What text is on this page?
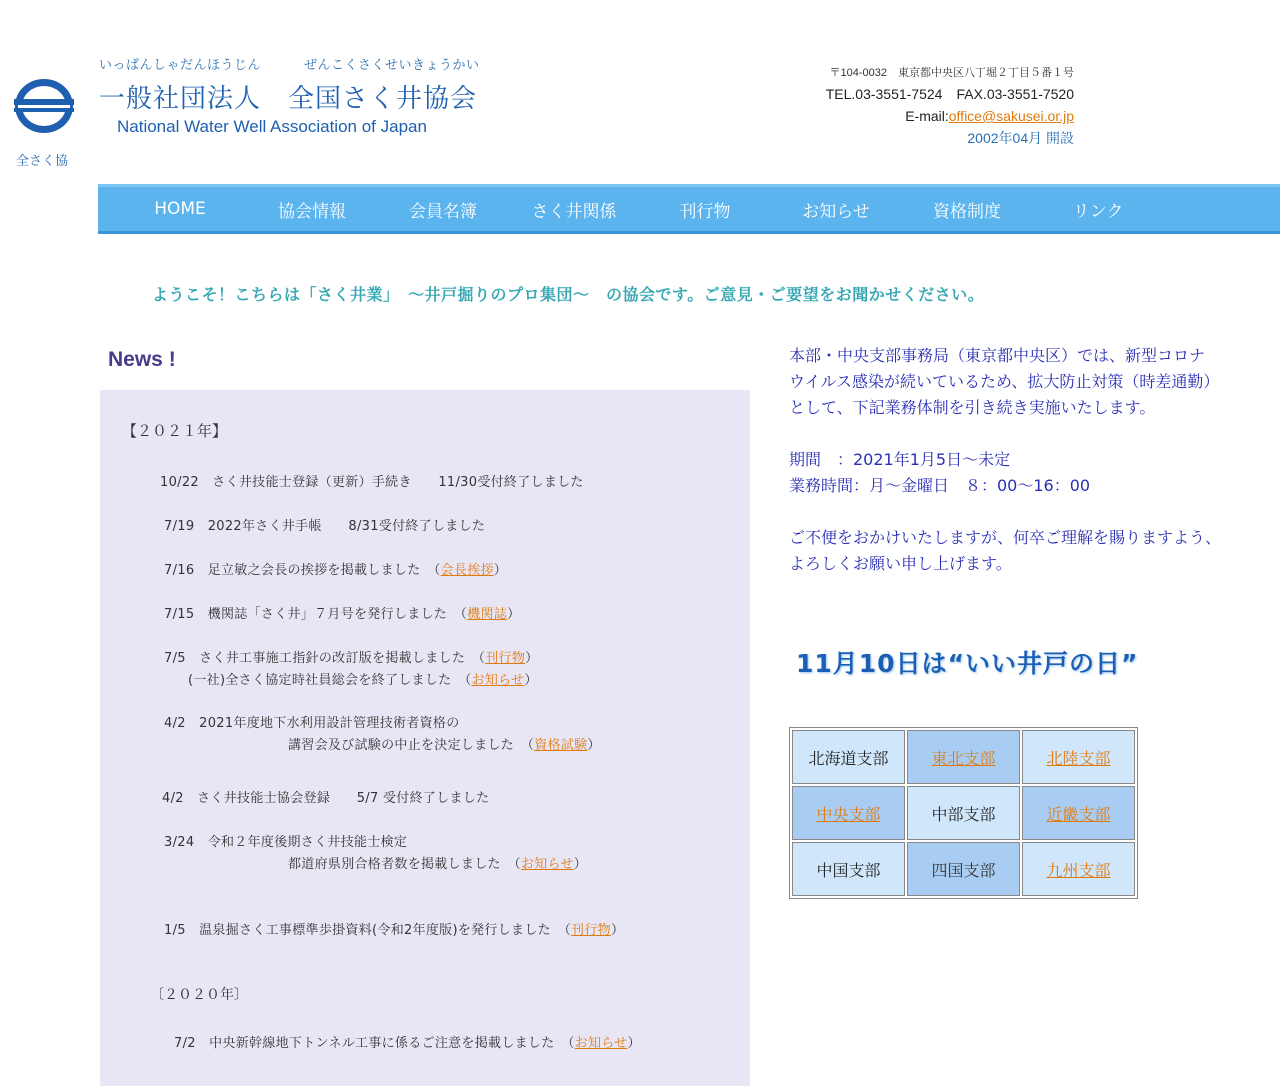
全さく協
いっぱんしゃだんほうじん	ぜんこくさくせいきょうかい
一般社団法人　全国さく井協会
National Water Well Association of Japan
〒104-0032　東京都中央区八丁堀２丁目５番１号
TEL.03-3551-7524　FAX.03-3551-7520
E-mail:office@sakusei.or.jp
2002年04月 開設
HOME	協会情報	会員名簿	さく井関係	刊行物	お知らせ	資格制度	リンク
ようこそ！こちらは「さく井業」　～井戸掘りのプロ集団～　の協会です。ご意見・ご要望をお聞かせください。
News !
【２０２１年】
10/22　さく井技能士登録（更新）手続き　　11/30受付終了しました
7/19　2022年さく井手帳　　8/31受付終了しました
7/16　足立敏之会長の挨拶を掲載しました　（会長挨拶）
7/15　機関誌「さく井」７月号を発行しました　（機関誌）
7/5　さく井工事施工指針の改訂版を掲載しました　（刊行物）
(一社)全さく協定時社員総会を終了しました　（お知らせ）
4/2　2021年度地下水利用設計管理技術者資格の
講習会及び試験の中止を決定しました　（資格試験）
4/2　さく井技能士協会登録　　5/7 受付終了しました
3/24　令和２年度後期さく井技能士検定
都道府県別合格者数を掲載しました　（お知らせ）
1/5　温泉掘さく工事標準歩掛資料(令和2年度版)を発行しました　（刊行物）
〔２０２０年〕
7/2　中央新幹線地下トンネル工事に係るご注意を掲載しました　（お知らせ）

本部・中央支部事務局（東京都中央区）では、新型コロナ

ウイルス感染が続いているため、拡大防止対策（時差通勤）

として、下記業務体制を引き続き実施いたします。

期間　：2021年1月5日～未定

業務時間：月～金曜日　８：00～16：00

ご不便をおかけいたしますが、何卒ご理解を賜りますよう、

よろしくお願い申し上げます。

11月10日は“いい井戸の日”
北海道支部	東北支部	北陸支部
中央支部	中部支部	近畿支部
中国支部	四国支部	九州支部
